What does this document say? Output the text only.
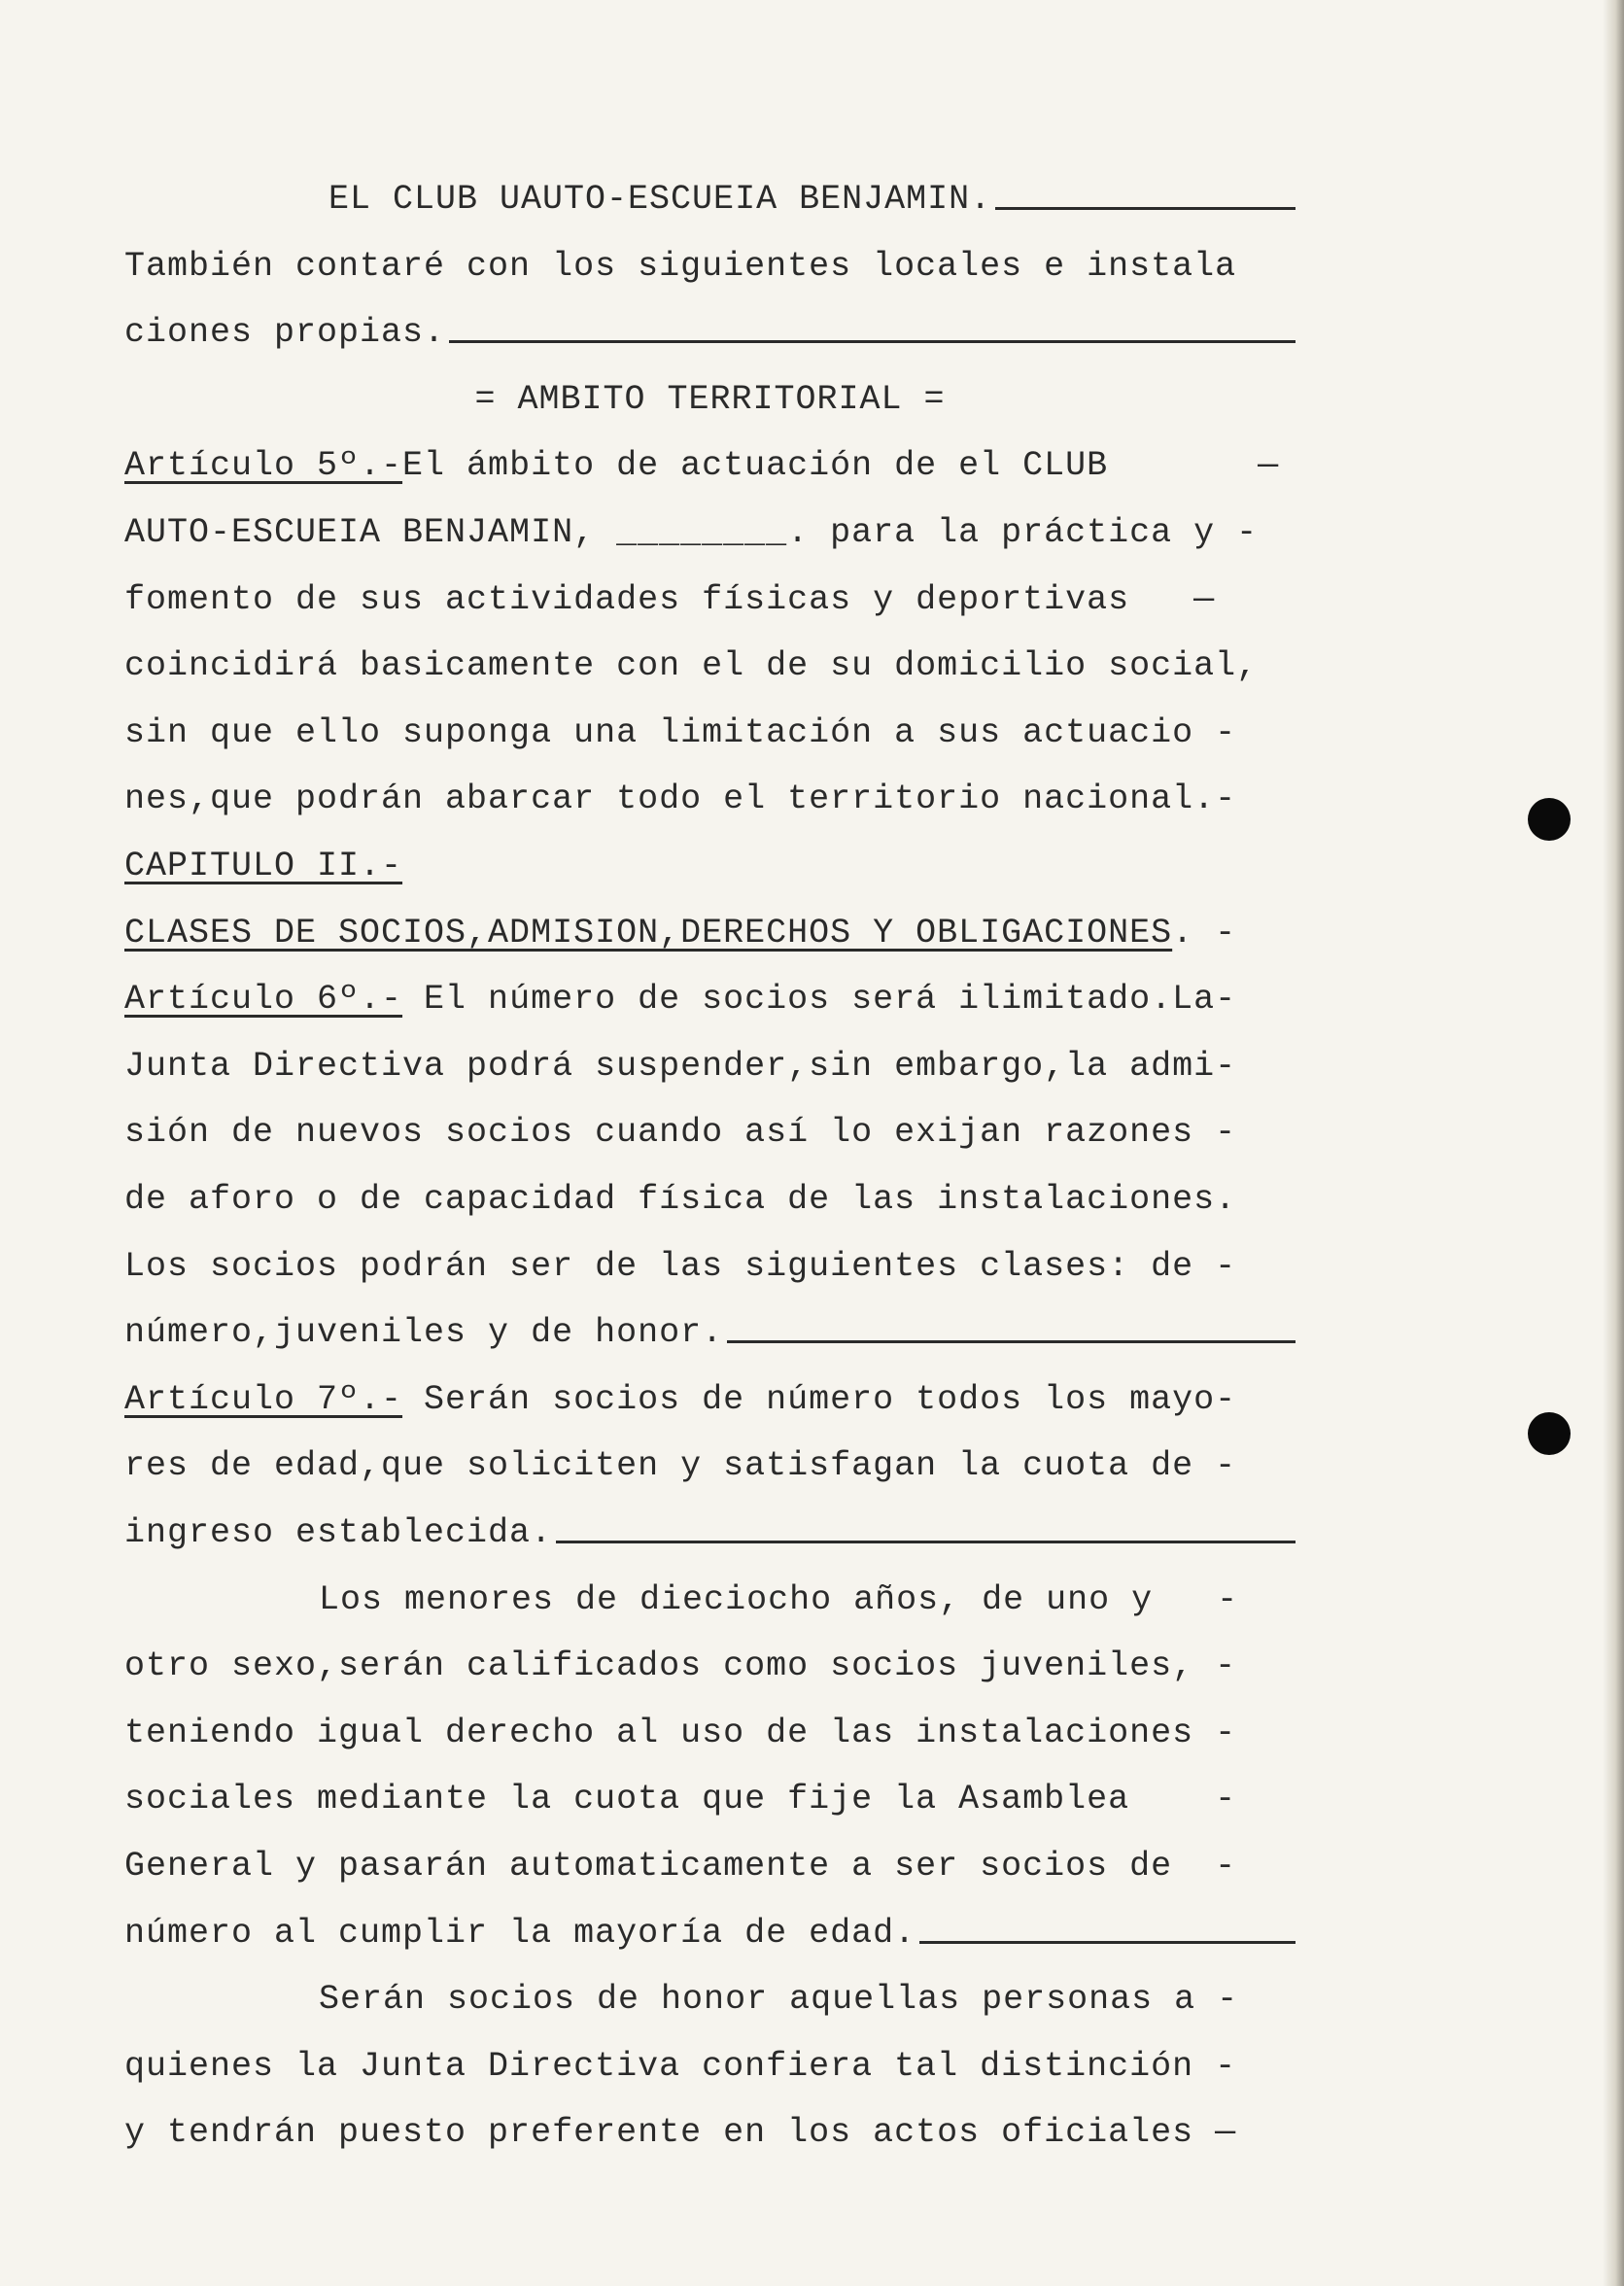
EL CLUB UAUTO-ESCUEIA BENJAMIN.
También contaré con los siguientes locales e instala
ciones propias.
= AMBITO TERRITORIAL =
Artículo 5º.- El ámbito de actuación de el CLUB       —
AUTO-ESCUEIA BENJAMIN, ________. para la práctica y -
fomento de sus actividades físicas y deportivas   —
coincidirá basicamente con el de su domicilio social,
sin que ello suponga una limitación a sus actuacio -
nes,que podrán abarcar todo el territorio nacional.-
CAPITULO II.-
CLASES DE SOCIOS,ADMISION,DERECHOS Y OBLIGACIONES . -
Artículo 6º.- El número de socios será ilimitado.La-
Junta Directiva podrá suspender,sin embargo,la admi-
sión de nuevos socios cuando así lo exijan razones -
de aforo o de capacidad física de las instalaciones.
Los socios podrán ser de las siguientes clases: de -
número,juveniles y de honor.
Artículo 7º.- Serán socios de número todos los mayo-
res de edad,que soliciten y satisfagan la cuota de -
ingreso establecida.
Los menores de dieciocho años, de uno y   -
otro sexo,serán calificados como socios juveniles, -
teniendo igual derecho al uso de las instalaciones -
sociales mediante la cuota que fije la Asamblea    -
General y pasarán automaticamente a ser socios de  -
número al cumplir la mayoría de edad.
Serán socios de honor aquellas personas a -
quienes la Junta Directiva confiera tal distinción -
y tendrán puesto preferente en los actos oficiales —
